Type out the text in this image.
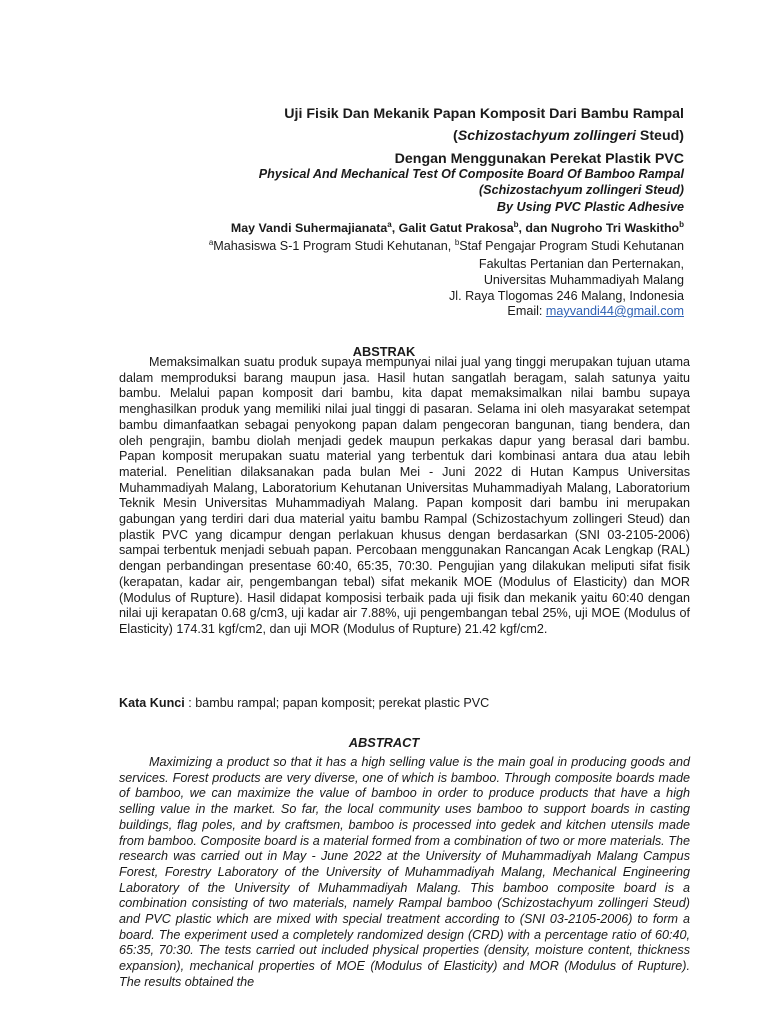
Uji Fisik Dan Mekanik Papan Komposit Dari Bambu Rampal
(Schizostachyum zollingeri Steud)
Dengan Menggunakan Perekat Plastik PVC
Physical And Mechanical Test Of Composite Board Of Bamboo Rampal
(Schizostachyum zollingeri Steud)
By Using PVC Plastic Adhesive
May Vandi Suhermajianata$^a$, Galit Gatut Prakosa$^b$, dan Nugroho Tri Waskitho$^b$
$^a$Mahasiswa S-1 Program Studi Kehutanan, $^b$Staf Pengajar Program Studi Kehutanan
Fakultas Pertanian dan Perternakan,
Universitas Muhammadiyah Malang
Jl. Raya Tlogomas 246 Malang, Indonesia
Email: mayvandi44@gmail.com
ABSTRAK

Memaksimalkan suatu produk supaya mempunyai nilai jual yang tinggi merupakan tujuan utama dalam memproduksi barang maupun jasa. Hasil hutan sangatlah beragam, salah satunya yaitu bambu. Melalui papan komposit dari bambu, kita dapat memaksimalkan nilai bambu supaya menghasilkan produk yang memiliki nilai jual tinggi di pasaran. Selama ini oleh masyarakat setempat bambu dimanfaatkan sebagai penyokong papan dalam pengecoran bangunan, tiang bendera, dan oleh pengrajin, bambu diolah menjadi gedek maupun perkakas dapur yang berasal dari bambu. Papan komposit merupakan suatu material yang terbentuk dari kombinasi antara dua atau lebih material. Penelitian dilaksanakan pada bulan Mei - Juni 2022 di Hutan Kampus Universitas Muhammadiyah Malang, Laboratorium Kehutanan Universitas Muhammadiyah Malang, Laboratorium Teknik Mesin Universitas Muhammadiyah Malang. Papan komposit dari bambu ini merupakan gabungan yang terdiri dari dua material yaitu bambu Rampal (Schizostachyum zollingeri Steud) dan plastik PVC yang dicampur dengan perlakuan khusus dengan berdasarkan (SNI 03-2105-2006) sampai terbentuk menjadi sebuah papan. Percobaan menggunakan Rancangan Acak Lengkap (RAL) dengan perbandingan presentase 60:40, 65:35, 70:30. Pengujian yang dilakukan meliputi sifat fisik (kerapatan, kadar air, pengembangan tebal) sifat mekanik MOE (Modulus of Elasticity) dan MOR (Modulus of Rupture). Hasil didapat komposisi terbaik pada uji fisik dan mekanik yaitu 60:40 dengan nilai uji kerapatan 0.68 g/cm3, uji kadar air 7.88%, uji pengembangan tebal 25%, uji MOE (Modulus of Elasticity) 174.31 kgf/cm2, dan uji MOR (Modulus of Rupture) 21.42 kgf/cm2.

Kata Kunci : bambu rampal; papan komposit; perekat plastic PVC
ABSTRACT

Maximizing a product so that it has a high selling value is the main goal in producing goods and services. Forest products are very diverse, one of which is bamboo. Through composite boards made of bamboo, we can maximize the value of bamboo in order to produce products that have a high selling value in the market. So far, the local community uses bamboo to support boards in casting buildings, flag poles, and by craftsmen, bamboo is processed into gedek and kitchen utensils made from bamboo. Composite board is a material formed from a combination of two or more materials. The research was carried out in May - June 2022 at the University of Muhammadiyah Malang Campus Forest, Forestry Laboratory of the University of Muhammadiyah Malang, Mechanical Engineering Laboratory of the University of Muhammadiyah Malang. This bamboo composite board is a combination consisting of two materials, namely Rampal bamboo (Schizostachyum zollingeri Steud) and PVC plastic which are mixed with special treatment according to (SNI 03-2105-2006) to form a board. The experiment used a completely randomized design (CRD) with a percentage ratio of 60:40, 65:35, 70:30. The tests carried out included physical properties (density, moisture content, thickness expansion), mechanical properties of MOE (Modulus of Elasticity) and MOR (Modulus of Rupture). The results obtained the
